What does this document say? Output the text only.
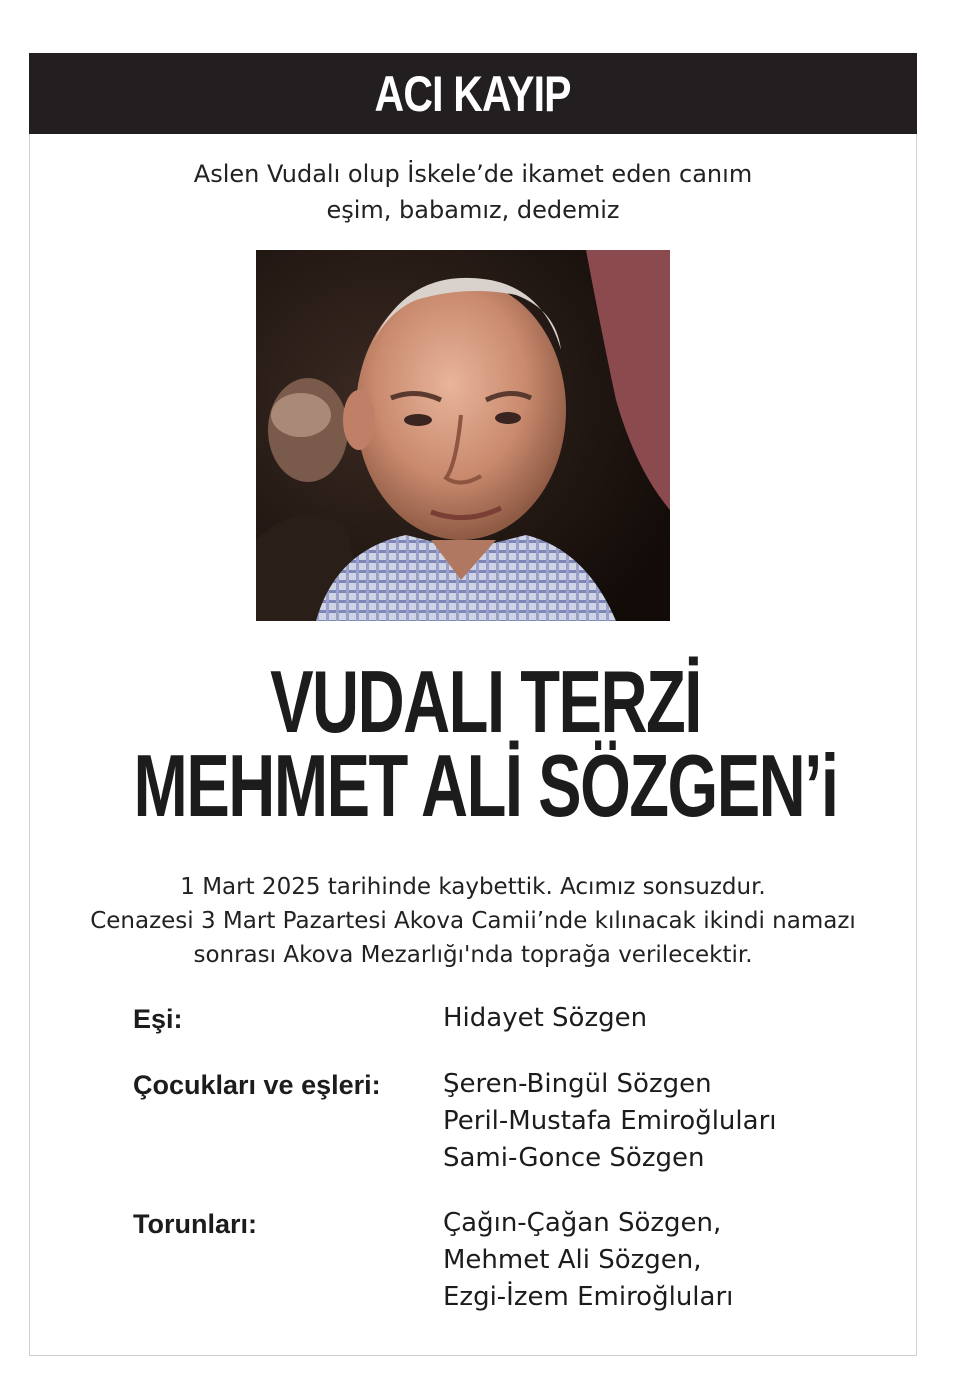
ACI KAYIP
Aslen Vudalı olup İskele’de ikamet eden canım
eşim, babamız, dedemiz
VUDALI TERZİ
MEHMET ALİ SÖZGEN’i
1 Mart 2025 tarihinde kaybettik. Acımız sonsuzdur.
Cenazesi 3 Mart Pazartesi Akova Camii’nde kılınacak ikindi namazı
sonrası Akova Mezarlığı'nda toprağa verilecektir.
Eşi:	Hidayet Sözgen
Çocukları ve eşleri:	Şeren-Bingül Sözgen
Peril-Mustafa Emiroğluları
Sami-Gonce Sözgen
Torunları:	Çağın-Çağan Sözgen,
Mehmet Ali Sözgen,
Ezgi-İzem Emiroğluları
